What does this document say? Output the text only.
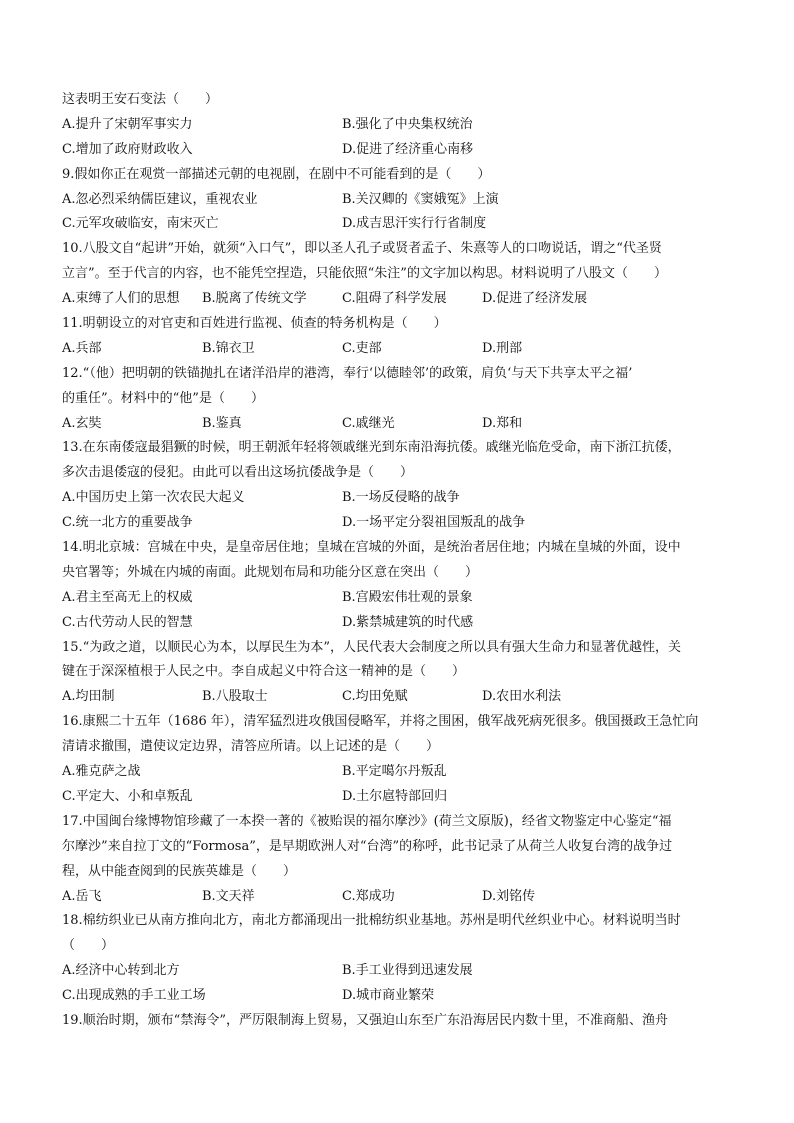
这表明王安石变法（　　）
A.提升了宋朝军事实力	B.强化了中央集权统治
C.增加了政府财政收入	D.促进了经济重心南移
9.假如你正在观赏一部描述元朝的电视剧，在剧中不可能看到的是（　　）
A.忽必烈采纳儒臣建议，重视农业	B.关汉卿的《窦娥冤》上演
C.元军攻破临安，南宋灭亡	D.成吉思汗实行行省制度
10.八股文自“起讲”开始，就须“入口气”，即以圣人孔子或贤者孟子、朱熹等人的口吻说话，谓之“代圣贤
立言”。至于代言的内容，也不能凭空捏造，只能依照“朱注”的文字加以构思。材料说明了八股文（　　）
A.束缚了人们的思想	B.脱离了传统文学	C.阻碍了科学发展	D.促进了经济发展
11.明朝设立的对官吏和百姓进行监视、侦查的特务机构是（　　）
A.兵部	B.锦衣卫	C.吏部	D.刑部
12.“（他）把明朝的铁锚抛扎在诸洋沿岸的港湾，奉行‘以德睦邻’的政策，肩负‘与天下共享太平之福’
的重任”。材料中的“他”是（　　）
A.玄奘	B.鉴真	C.戚继光	D.郑和
13.在东南倭寇最猖獗的时候，明王朝派年轻将领戚继光到东南沿海抗倭。戚继光临危受命，南下浙江抗倭，
多次击退倭寇的侵犯。由此可以看出这场抗倭战争是（　　）
A.中国历史上第一次农民大起义	B.一场反侵略的战争
C.统一北方的重要战争	D.一场平定分裂祖国叛乱的战争
14.明北京城：宫城在中央，是皇帝居住地；皇城在宫城的外面，是统治者居住地；内城在皇城的外面，设中
央官署等；外城在内城的南面。此规划布局和功能分区意在突出（　　）
A.君主至高无上的权威	B.宫殿宏伟壮观的景象
C.古代劳动人民的智慧	D.紫禁城建筑的时代感
15.“为政之道，以顺民心为本，以厚民生为本”，人民代表大会制度之所以具有强大生命力和显著优越性，关
键在于深深植根于人民之中。李自成起义中符合这一精神的是（　　）
A.均田制	B.八股取士	C.均田免赋	D.农田水利法
16.康熙二十五年（1686 年），清军猛烈进攻俄国侵略军，并将之围困，俄军战死病死很多。俄国摄政王急忙向
清请求撤围，遣使议定边界，清答应所请。以上记述的是（　　）
A.雅克萨之战	B.平定噶尔丹叛乱
C.平定大、小和卓叛乱	D.土尔扈特部回归
17.中国闽台缘博物馆珍藏了一本揆一著的《被贻误的福尔摩沙》(荷兰文原版)，经省文物鉴定中心鉴定“福
尔摩沙”来自拉丁文的“Formosa”，是早期欧洲人对“台湾”的称呼，此书记录了从荷兰人收复台湾的战争过
程，从中能查阅到的民族英雄是（　　）
A.岳飞	B.文天祥	C.郑成功	D.刘铭传
18.棉纺织业已从南方推向北方，南北方都涌现出一批棉纺织业基地。苏州是明代丝织业中心。材料说明当时
（　　）
A.经济中心转到北方	B.手工业得到迅速发展
C.出现成熟的手工业工场	D.城市商业繁荣
19.顺治时期，颁布“禁海令”，严厉限制海上贸易，又强迫山东至广东沿海居民内数十里，不准商船、渔舟
